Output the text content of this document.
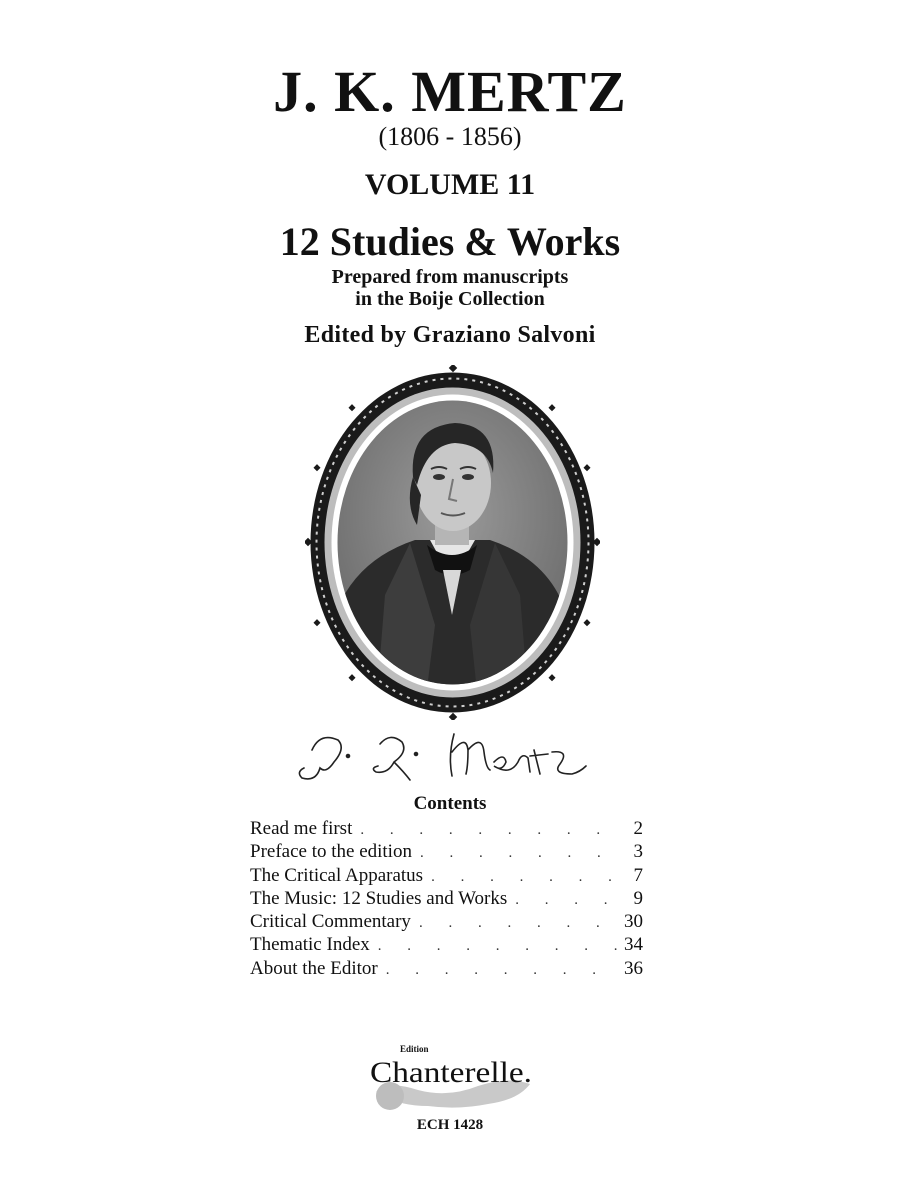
J. K. MERTZ
(1806 - 1856)
VOLUME 11
12 Studies & Works
Prepared from manuscripts
in the Boije Collection
Edited by Graziano Salvoni
Contents
Read me first . . .	2
Preface to the edition . . .	3
The Critical Apparatus . . .	7
The Music: 12 Studies and Works . . .	9
Critical Commentary . . .	30
Thematic Index . . .	34
About the Editor . . .	36
Edition
Chanterelle.
ECH 1428
